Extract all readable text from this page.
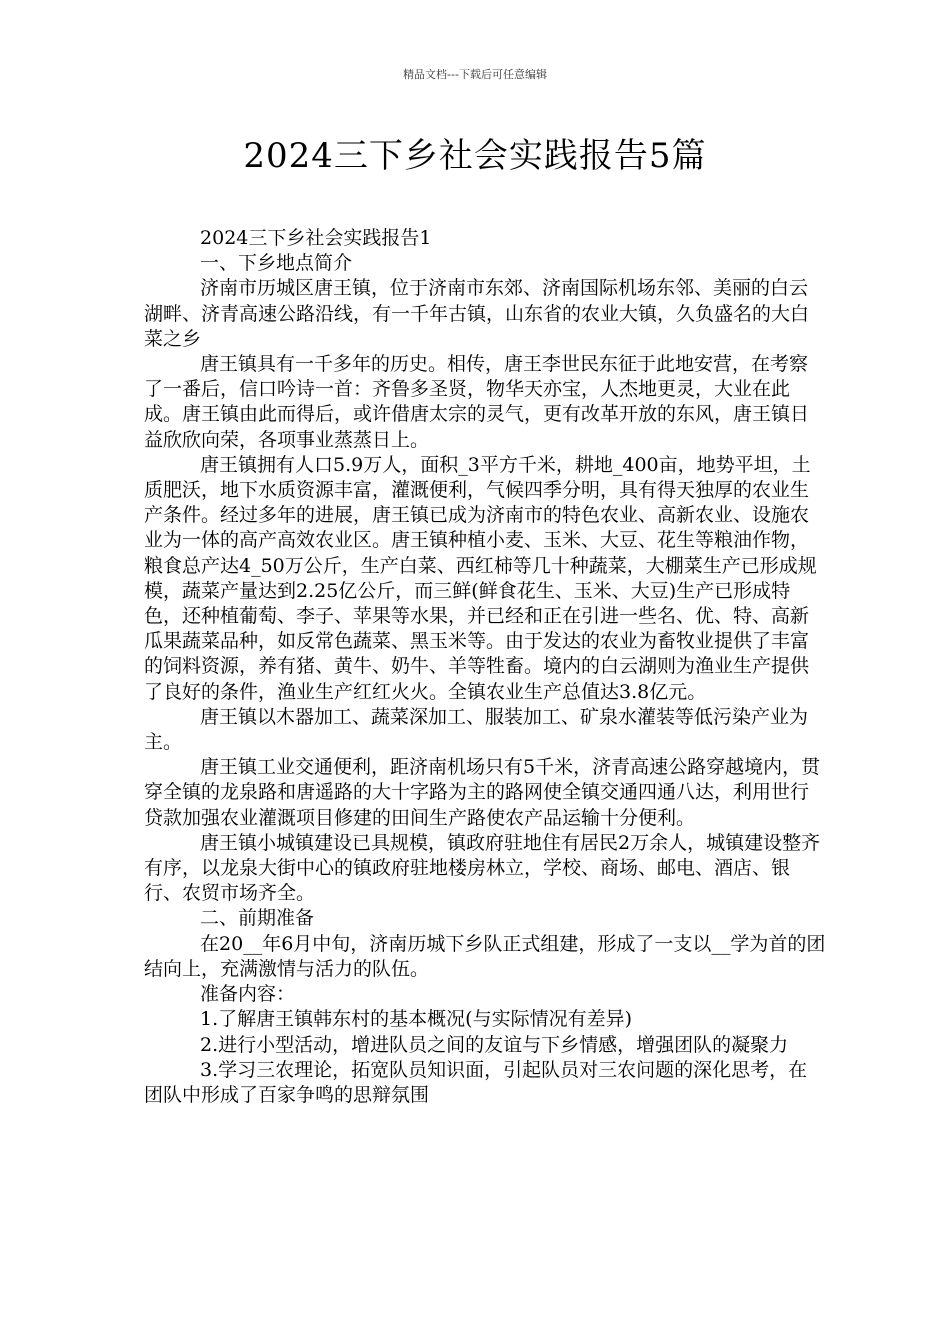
精品文档---下载后可任意编辑
2024三下乡社会实践报告5篇

2024三下乡社会实践报告1

一、下乡地点简介

济南市历城区唐王镇，位于济南市东郊、济南国际机场东邻、美丽的白云湖畔、济青高速公路沿线，有一千年古镇，山东省的农业大镇，久负盛名的大白菜之乡

唐王镇具有一千多年的历史。相传，唐王李世民东征于此地安营，在考察了一番后，信口吟诗一首：齐鲁多圣贤，物华天亦宝，人杰地更灵，大业在此成。唐王镇由此而得后，或许借唐太宗的灵气，更有改革开放的东风，唐王镇日益欣欣向荣，各项事业蒸蒸日上。

唐王镇拥有人口5.9万人，面积_3平方千米，耕地_400亩，地势平坦，土质肥沃，地下水质资源丰富，灌溉便利，气候四季分明，具有得天独厚的农业生产条件。经过多年的进展，唐王镇已成为济南市的特色农业、高新农业、设施农业为一体的高产高效农业区。唐王镇种植小麦、玉米、大豆、花生等粮油作物，粮食总产达4_50万公斤，生产白菜、西红柿等几十种蔬菜，大棚菜生产已形成规模，蔬菜产量达到2.25亿公斤，而三鲜(鲜食花生、玉米、大豆)生产已形成特色，还种植葡萄、李子、苹果等水果，并已经和正在引进一些名、优、特、高新瓜果蔬菜品种，如反常色蔬菜、黑玉米等。由于发达的农业为畜牧业提供了丰富的饲料资源，养有猪、黄牛、奶牛、羊等牲畜。境内的白云湖则为渔业生产提供了良好的条件，渔业生产红红火火。全镇农业生产总值达3.8亿元。

唐王镇以木器加工、蔬菜深加工、服装加工、矿泉水灌装等低污染产业为主。

唐王镇工业交通便利，距济南机场只有5千米，济青高速公路穿越境内，贯穿全镇的龙泉路和唐遥路的大十字路为主的路网使全镇交通四通八达，利用世行贷款加强农业灌溉项目修建的田间生产路使农产品运输十分便利。

唐王镇小城镇建设已具规模，镇政府驻地住有居民2万余人，城镇建设整齐有序，以龙泉大街中心的镇政府驻地楼房林立，学校、商场、邮电、酒店、银行、农贸市场齐全。

二、前期准备

在20__年6月中旬，济南历城下乡队正式组建，形成了一支以__学为首的团结向上，充满激情与活力的队伍。

准备内容：

1.了解唐王镇韩东村的基本概况(与实际情况有差异)

2.进行小型活动，增进队员之间的友谊与下乡情感，增强团队的凝聚力

3.学习三农理论，拓宽队员知识面，引起队员对三农问题的深化思考，在团队中形成了百家争鸣的思辩氛围
